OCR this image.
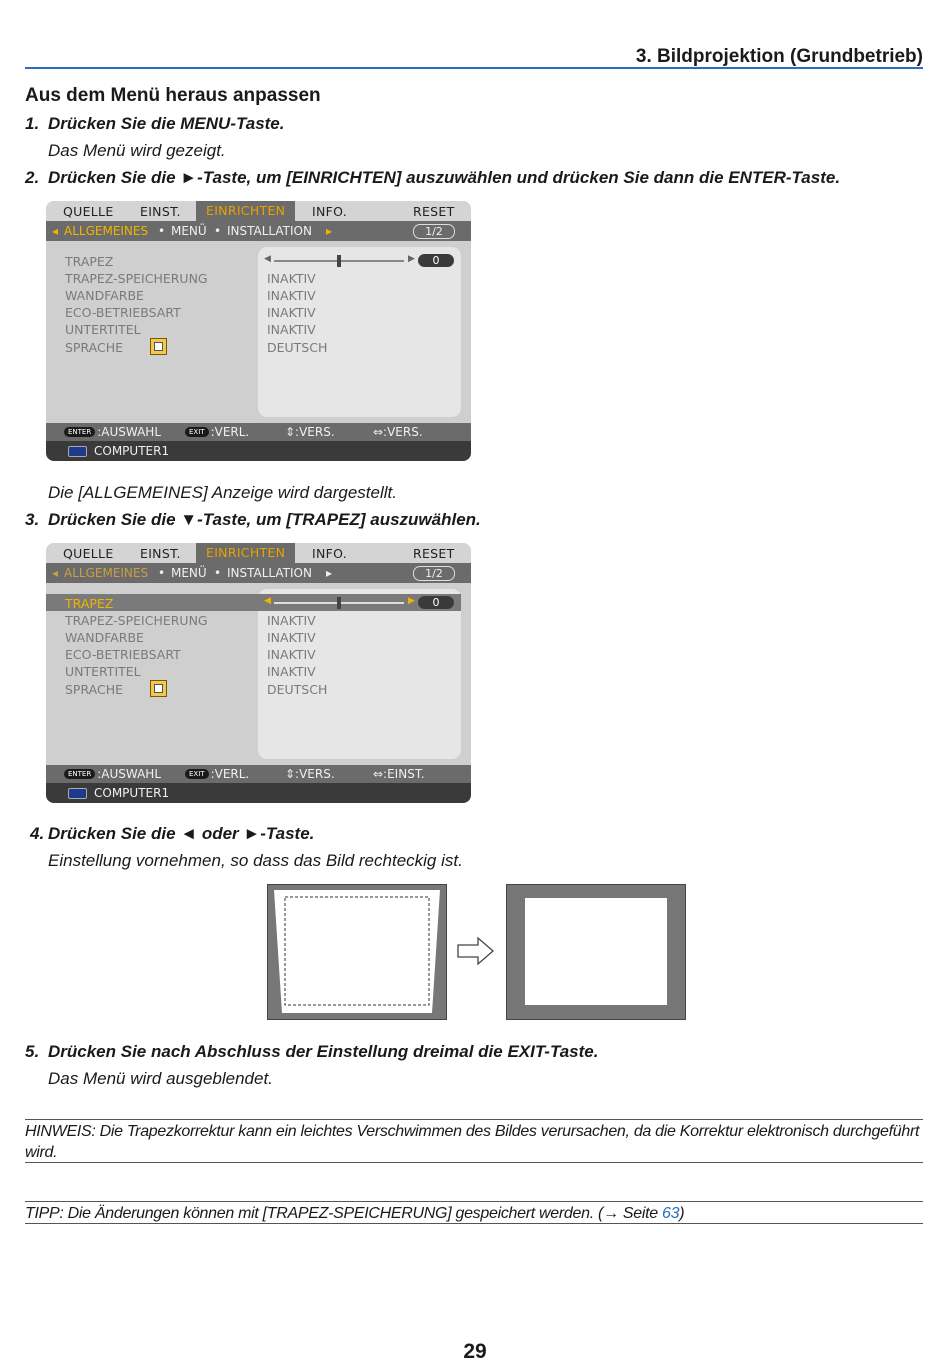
3. Bildprojektion (Grundbetrieb)
Aus dem Menü heraus anpassen
1. Drücken Sie die MENU-Taste.
Das Menü wird gezeigt.
2. Drücken Sie die ►-Taste, um [EINRICHTEN] auszuwählen und drücken Sie dann die ENTER-Taste.
QUELLE EINST.	EINRICHTEN	INFO.	RESET
◂ ALLGEMEINES • MENÜ • INSTALLATION ▸	1/2
TRAPEZ	◀	▶	0
TRAPEZ-SPEICHERUNG	INAKTIV
WANDFARBE	INAKTIV
ECO-BETRIEBSART	INAKTIV
UNTERTITEL	INAKTIV
SPRACHE	DEUTSCH
ENTER :AUSWAHL	EXIT :VERL.	⇕:VERS.	⇔:VERS.
COMPUTER1
Die [ALLGEMEINES] Anzeige wird dargestellt.
3. Drücken Sie die ▼-Taste, um [TRAPEZ] auszuwählen.
QUELLE EINST.	EINRICHTEN	INFO.	RESET
◂ ALLGEMEINES • MENÜ • INSTALLATION ▸	1/2
TRAPEZ	◀	▶	0
TRAPEZ-SPEICHERUNG	INAKTIV
WANDFARBE	INAKTIV
ECO-BETRIEBSART	INAKTIV
UNTERTITEL	INAKTIV
SPRACHE	DEUTSCH
ENTER :AUSWAHL	EXIT :VERL.	⇕:VERS.	⇔:EINST.
COMPUTER1
4. Drücken Sie die ◄ oder ►-Taste.
Einstellung vornehmen, so dass das Bild rechteckig ist.
5. Drücken Sie nach Abschluss der Einstellung dreimal die EXIT-Taste.
Das Menü wird ausgeblendet.
HINWEIS: Die Trapezkorrektur kann ein leichtes Verschwimmen des Bildes verursachen, da die Korrektur elektronisch durchgeführt wird.
TIPP: Die Änderungen können mit [TRAPEZ-SPEICHERUNG] gespeichert werden. (→ Seite 63)
29
